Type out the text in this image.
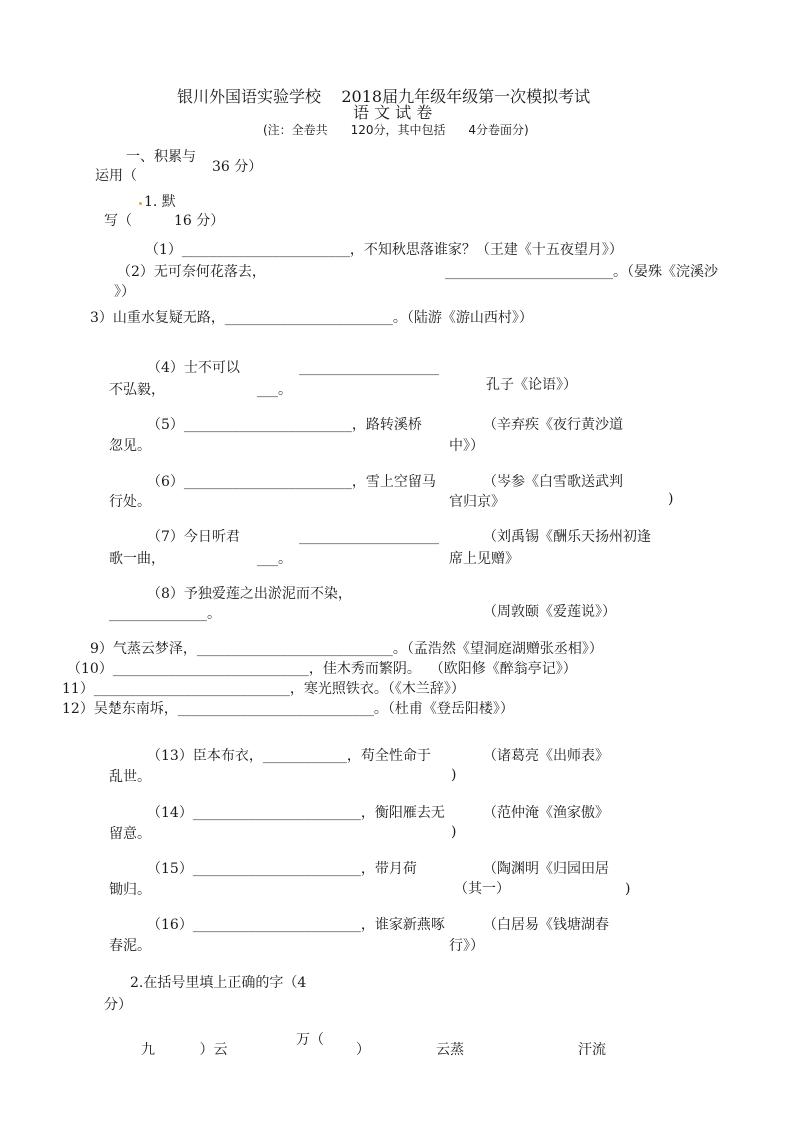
银川外国语实验学校    2018届九年级年级第一次模拟考试
语 文 试 卷
(注：全卷共      120分，其中包括      4分卷面分)
一、积累与
运用（
36 分）
1. 默
写（	16 分）
（1）________________________，不知秋思落谁家？（王建《十五夜望月》）
（2）无可奈何花落去，	________________________。（晏殊《浣溪沙
》）
3）山重水复疑无路，________________________。（陆游《游山西村》）
（4）士不可以	____________________
不弘毅，	___。	孔子《论语》）
（5）________________________，路转溪桥	（辛弃疾《夜行黄沙道
忽见。	中》）
（6）________________________，雪上空留马	（岑参《白雪歌送武判
行处。	官归京》	)
（7）今日听君	____________________	（刘禹锡《酬乐天扬州初逢
歌一曲，	___。	席上见赠》
（8）予独爱莲之出淤泥而不染，
______________。	（周敦颐《爱莲说》）
9）气蒸云梦泽，____________________________。（孟浩然《望洞庭湖赠张丞相》）
（10）____________________________，佳木秀而繁阴。  （欧阳修《醉翁亭记》）
11）____________________________，寒光照铁衣。（《木兰辞》）
12）吴楚东南坼，____________________________。（杜甫《登岳阳楼》）
（13）臣本布衣，____________，苟全性命于	（诸葛亮《出师表》
乱世。	)
（14）________________________，衡阳雁去无	（范仲淹《渔家傲》
留意。	)
（15）________________________，带月荷	（陶渊明《归园田居
锄归。	（其一）	)
（16）________________________，谁家新燕啄	（白居易《钱塘湖春
春泥。	行》）
2.在括号里填上正确的字（4
分）
九          ）云
万（
）	云蒸	汗流
